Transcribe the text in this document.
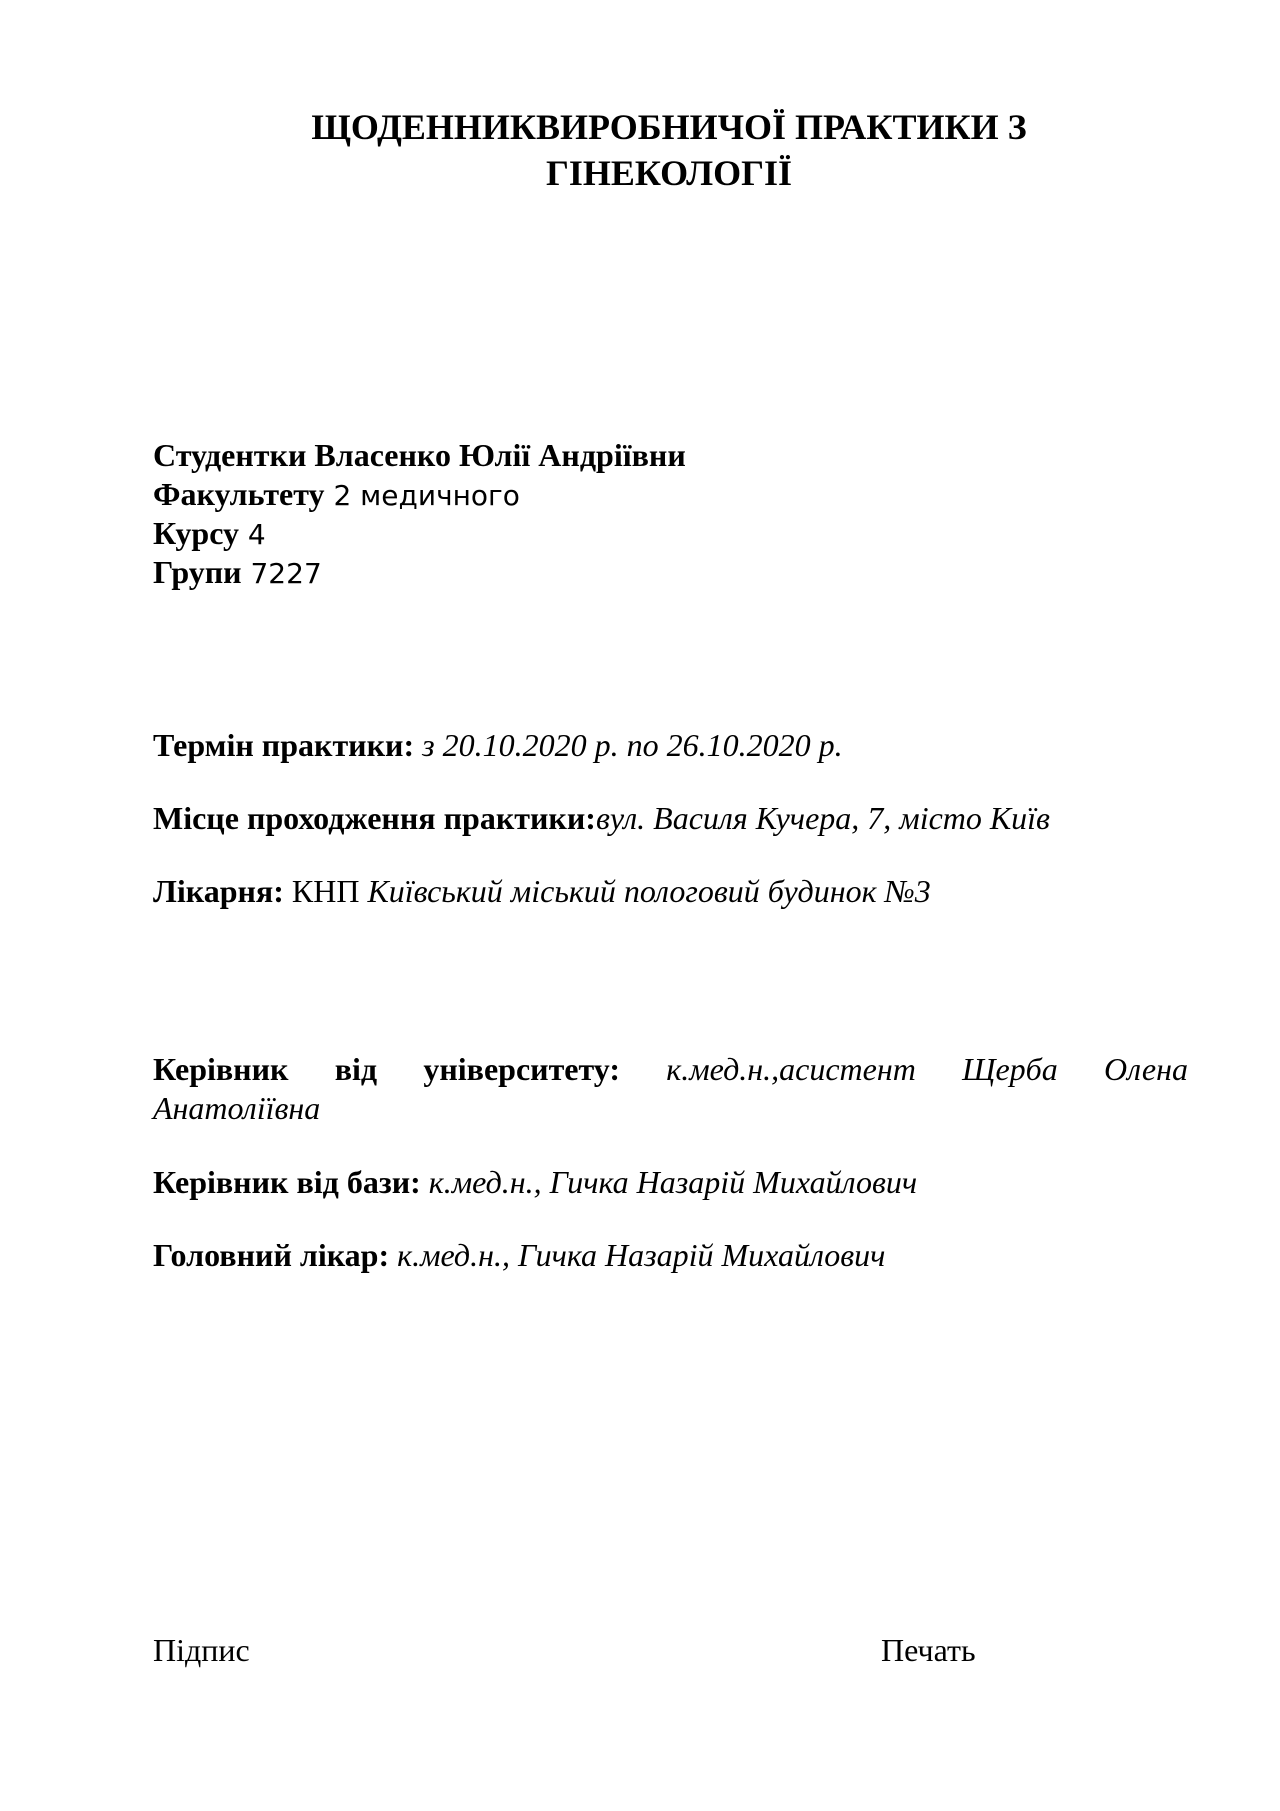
ЩОДЕННИКВИРОБНИЧОЇ ПРАКТИКИ З
ГІНЕКОЛОГІЇ
Студентки Власенко Юлії Андріївни
Факультету 2 медичного
Курсу 4
Групи 7227
Термін практики: з 20.10.2020 р. по 26.10.2020 р.
Місце проходження практики:вул. Василя Кучера, 7, місто Київ
Лікарня: КНП Київський міський пологовий будинок №3
Керівник від університету: к.мед.н.,асистент Щерба Олена
Анатоліївна
Керівник від бази: к.мед.н., Гичка Назарій Михайлович
Головний лікар: к.мед.н., Гичка Назарій Михайлович
Підпис	Печать
